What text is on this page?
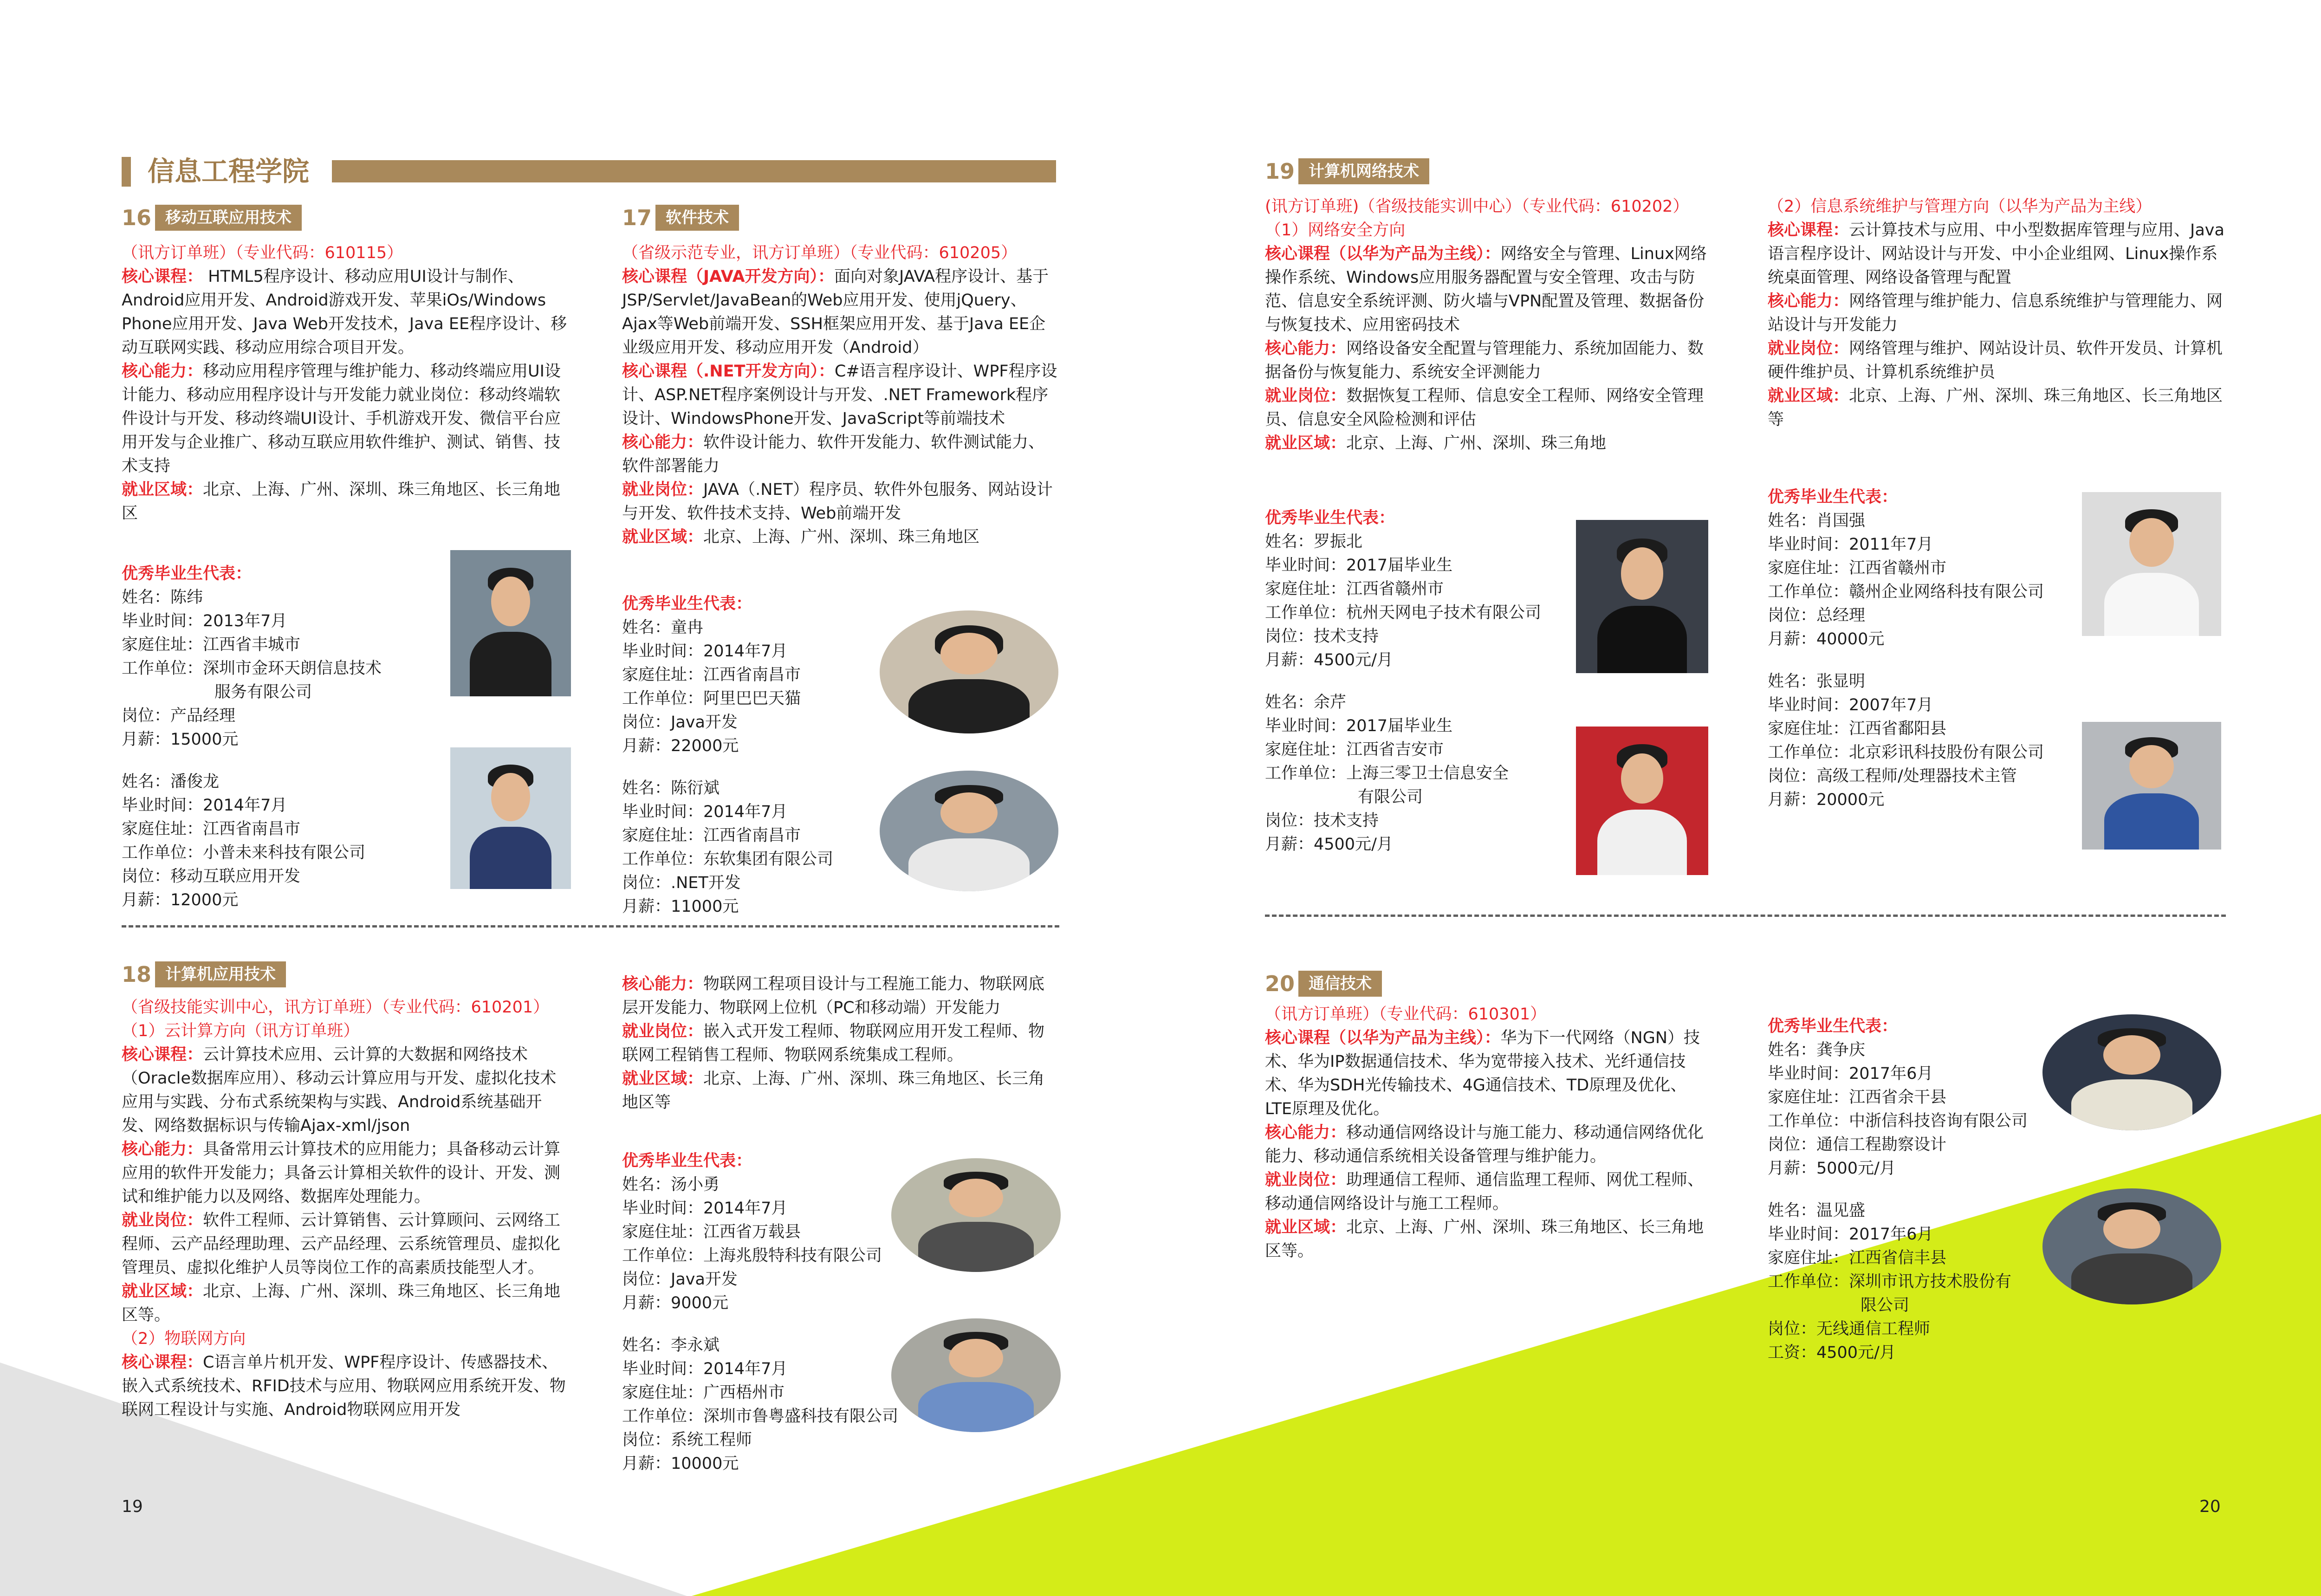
信息工程学院
16 移动互联应用技术

（讯方订单班）（专业代码：610115）

核心课程： HTML5程序设计、移动应用UI设计与制作、Android应用开发、Android游戏开发、苹果iOs/Windows Phone应用开发、Java Web开发技术，Java EE程序设计、移动互联网实践、移动应用综合项目开发。

核心能力：移动应用程序管理与维护能力、移动终端应用UI设计能力、移动应用程序设计与开发能力就业岗位：移动终端软件设计与开发、移动终端UI设计、手机游戏开发、微信平台应用开发与企业推广、移动互联应用软件维护、测试、销售、技术支持

就业区域：北京、上海、广州、深圳、珠三角地区、长三角地区

优秀毕业生代表：

姓名：陈纬

毕业时间：2013年7月

家庭住址：江西省丰城市

工作单位：深圳市金环天朗信息技术

服务有限公司

岗位：产品经理

月薪：15000元

姓名：潘俊龙

毕业时间：2014年7月

家庭住址：江西省南昌市

工作单位：小普未来科技有限公司

岗位：移动互联应用开发

月薪：12000元

17 软件技术

（省级示范专业，讯方订单班）（专业代码：610205）

核心课程（JAVA开发方向）：面向对象JAVA程序设计、基于JSP/Servlet/JavaBean的Web应用开发、使用jQuery、Ajax等Web前端开发、SSH框架应用开发、基于Java EE企业级应用开发、移动应用开发（Android）

核心课程（.NET开发方向）：C#语言程序设计、WPF程序设计、ASP.NET程序案例设计与开发、.NET Framework程序设计、WindowsPhone开发、JavaScript等前端技术

核心能力：软件设计能力、软件开发能力、软件测试能力、软件部署能力

就业岗位：JAVA（.NET）程序员、软件外包服务、网站设计与开发、软件技术支持、Web前端开发

就业区域：北京、上海、广州、深圳、珠三角地区

优秀毕业生代表：

姓名：童冉

毕业时间：2014年7月

家庭住址：江西省南昌市

工作单位：阿里巴巴天猫

岗位：Java开发

月薪：22000元

姓名：陈衍斌

毕业时间：2014年7月

家庭住址：江西省南昌市

工作单位：东软集团有限公司

岗位：.NET开发

月薪：11000元

18 计算机应用技术

（省级技能实训中心，讯方订单班）（专业代码：610201）

（1）云计算方向（讯方订单班）

核心课程：云计算技术应用、云计算的大数据和网络技术（Oracle数据库应用）、移动云计算应用与开发、虚拟化技术应用与实践、分布式系统架构与实践、Android系统基础开发、网络数据标识与传输Ajax-xml/json

核心能力：具备常用云计算技术的应用能力；具备移动云计算应用的软件开发能力；具备云计算相关软件的设计、开发、测试和维护能力以及网络、数据库处理能力。

就业岗位：软件工程师、云计算销售、云计算顾问、云网络工程师、云产品经理助理、云产品经理、云系统管理员、虚拟化管理员、虚拟化维护人员等岗位工作的高素质技能型人才。

就业区域：北京、上海、广州、深圳、珠三角地区、长三角地区等。

（2）物联网方向

核心课程：C语言单片机开发、WPF程序设计、传感器技术、嵌入式系统技术、RFID技术与应用、物联网应用系统开发、物联网工程设计与实施、Android物联网应用开发

核心能力：物联网工程项目设计与工程施工能力、物联网底层开发能力、物联网上位机（PC和移动端）开发能力

就业岗位：嵌入式开发工程师、物联网应用开发工程师、物联网工程销售工程师、物联网系统集成工程师。

就业区域：北京、上海、广州、深圳、珠三角地区、长三角地区等

优秀毕业生代表：

姓名：汤小勇

毕业时间：2014年7月

家庭住址：江西省万载县

工作单位：上海兆殷特科技有限公司

岗位：Java开发

月薪：9000元

姓名：李永斌

毕业时间：2014年7月

家庭住址：广西梧州市

工作单位：深圳市鲁粤盛科技有限公司

岗位：系统工程师

月薪：10000元

19
19 计算机网络技术

(讯方订单班)（省级技能实训中心）（专业代码：610202）

（1）网络安全方向

核心课程（以华为产品为主线）：网络安全与管理、Linux网络操作系统、Windows应用服务器配置与安全管理、攻击与防范、信息安全系统评测、防火墙与VPN配置及管理、数据备份与恢复技术、应用密码技术

核心能力：网络设备安全配置与管理能力、系统加固能力、数据备份与恢复能力、系统安全评测能力

就业岗位：数据恢复工程师、信息安全工程师、网络安全管理员、信息安全风险检测和评估

就业区域：北京、上海、广州、深圳、珠三角地

优秀毕业生代表：

姓名：罗振北

毕业时间：2017届毕业生

家庭住址：江西省赣州市

工作单位：杭州天网电子技术有限公司

岗位：技术支持

月薪：4500元/月

姓名：余芹

毕业时间：2017届毕业生

家庭住址：江西省吉安市

工作单位：上海三零卫士信息安全

有限公司

岗位：技术支持

月薪：4500元/月

（2）信息系统维护与管理方向（以华为产品为主线）

核心课程：云计算技术与应用、中小型数据库管理与应用、Java语言程序设计、网站设计与开发、中小企业组网、Linux操作系统桌面管理、网络设备管理与配置

核心能力：网络管理与维护能力、信息系统维护与管理能力、网站设计与开发能力

就业岗位：网络管理与维护、网站设计员、软件开发员、计算机硬件维护员、计算机系统维护员

就业区域：北京、上海、广州、深圳、珠三角地区、长三角地区等

优秀毕业生代表：

姓名：肖国强

毕业时间：2011年7月

家庭住址：江西省赣州市

工作单位：赣州企业网络科技有限公司

岗位：总经理

月薪：40000元

姓名：张显明

毕业时间：2007年7月

家庭住址：江西省鄱阳县

工作单位：北京彩讯科技股份有限公司

岗位：高级工程师/处理器技术主管

月薪：20000元

20 通信技术

（讯方订单班）（专业代码：610301）

核心课程（以华为产品为主线）：华为下一代网络（NGN）技术、华为IP数据通信技术、华为宽带接入技术、光纤通信技术、华为SDH光传输技术、4G通信技术、TD原理及优化、LTE原理及优化。

核心能力：移动通信网络设计与施工能力、移动通信网络优化能力、移动通信系统相关设备管理与维护能力。

就业岗位：助理通信工程师、通信监理工程师、网优工程师、移动通信网络设计与施工工程师。

就业区域：北京、上海、广州、深圳、珠三角地区、长三角地区等。

优秀毕业生代表：

姓名：龚争庆

毕业时间：2017年6月

家庭住址：江西省余干县

工作单位：中浙信科技咨询有限公司

岗位：通信工程勘察设计

月薪：5000元/月

姓名：温见盛

毕业时间：2017年6月

家庭住址：江西省信丰县

工作单位：深圳市讯方技术股份有

限公司

岗位：无线通信工程师

工资：4500元/月

20
